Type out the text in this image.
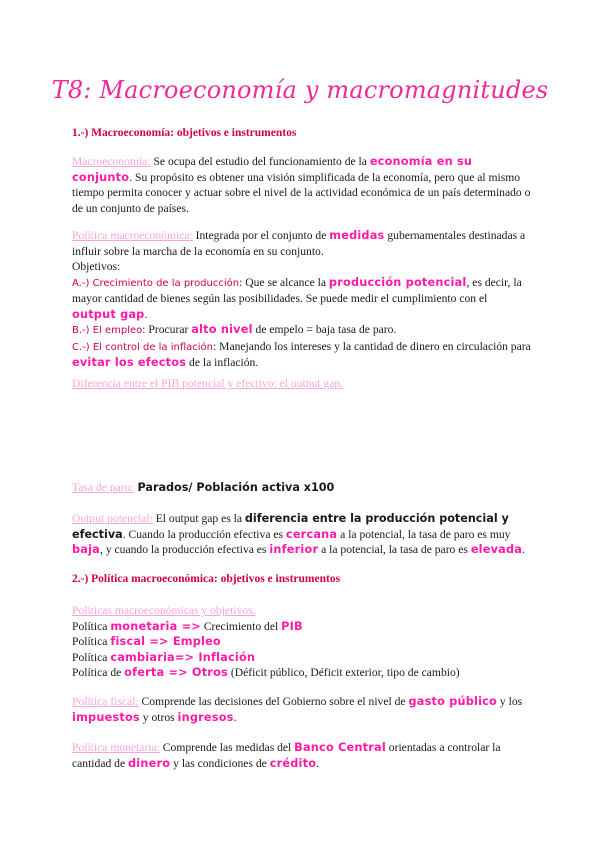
T8: Macroeconomía y macromagnitudes
1.-) Macroeconomía: objetivos e instrumentos
Macroeconomía: Se ocupa del estudio del funcionamiento de la economía en su conjunto. Su propósito es obtener una visión simplificada de la economía, pero que al mismo tiempo permita conocer y actuar sobre el nivel de la actividad económica de un país determinado o de un conjunto de países.
Política macroeconómica: Integrada por el conjunto de medidas gubernamentales destinadas a influir sobre la marcha de la economía en su conjunto.
Objetivos:
A.-) Crecimiento de la producción: Que se alcance la producción potencial, es decir, la mayor cantidad de bienes según las posibilidades. Se puede medir el cumplimiento con el output gap.
B.-) El empleo: Procurar alto nivel de empelo = baja tasa de paro.
C.-) El control de la inflación: Manejando los intereses y la cantidad de dinero en circulación para evitar los efectos de la inflación.
Diferencia entre el PIB potencial y efectivo: el output gap.
Tasa de paro: Parados/ Población activa x100
Output potencial: El output gap es la diferencia entre la producción potencial y efectiva. Cuando la producción efectiva es cercana a la potencial, la tasa de paro es muy baja, y cuando la producción efectiva es inferior a la potencial, la tasa de paro es elevada.
2.-) Política macroeconómica: objetivos e instrumentos
Políticas macroeconómicas y objetivos.
Política monetaria => Crecimiento del PIB
Política fiscal => Empleo
Política cambiaria=> Inflación
Política de oferta => Otros (Déficit público, Déficit exterior, tipo de cambio)
Política fiscal: Comprende las decisiones del Gobierno sobre el nivel de gasto público y los impuestos y otros ingresos.
Política monetaria: Comprende las medidas del Banco Central orientadas a controlar la cantidad de dinero y las condiciones de crédito.
